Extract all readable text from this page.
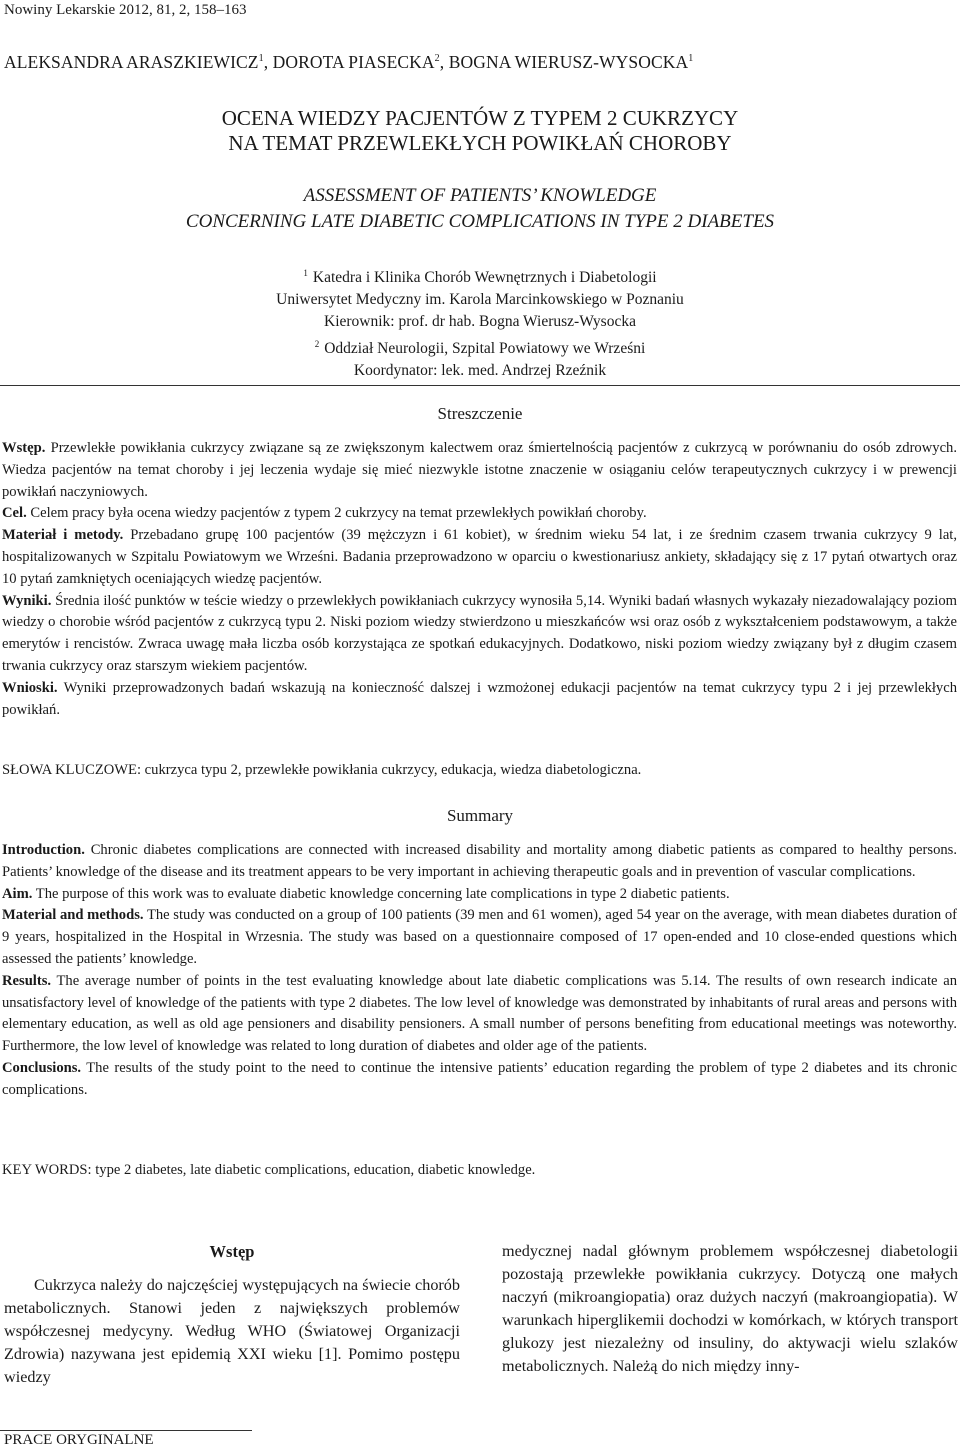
Nowiny Lekarskie 2012, 81, 2, 158–163
ALEKSANDRA ARASZKIEWICZ$^1$, DOROTA PIASECKA$^2$, BOGNA WIERUSZ-WYSOCKA$^1$
OCENA WIEDZY PACJENTÓW Z TYPEM 2 CUKRZYCY
NA TEMAT PRZEWLEKŁYCH POWIKŁAŃ CHOROBY
ASSESSMENT OF PATIENTS’ KNOWLEDGE
CONCERNING LATE DIABETIC COMPLICATIONS IN TYPE 2 DIABETES
$^1$ Katedra i Klinika Chorób Wewnętrznych i Diabetologii
Uniwersytet Medyczny im. Karola Marcinkowskiego w Poznaniu
Kierownik: prof. dr hab. Bogna Wierusz-Wysocka
$^2$ Oddział Neurologii, Szpital Powiatowy we Wrześni
Koordynator: lek. med. Andrzej Rzeźnik
Streszczenie

Wstęp. Przewlekłe powikłania cukrzycy związane są ze zwiększonym kalectwem oraz śmiertelnością pacjentów z cukrzycą w porównaniu do osób zdrowych. Wiedza pacjentów na temat choroby i jej leczenia wydaje się mieć niezwykle istotne znaczenie w osiąganiu celów terapeutycznych cukrzycy i w prewencji powikłań naczyniowych.

Cel. Celem pracy była ocena wiedzy pacjentów z typem 2 cukrzycy na temat przewlekłych powikłań choroby.

Materiał i metody. Przebadano grupę 100 pacjentów (39 mężczyzn i 61 kobiet), w średnim wieku 54 lat, i ze średnim czasem trwania cukrzycy 9 lat, hospitalizowanych w Szpitalu Powiatowym we Wrześni. Badania przeprowadzono w oparciu o kwestionariusz ankiety, składający się z 17 pytań otwartych oraz 10 pytań zamkniętych oceniających wiedzę pacjentów.

Wyniki. Średnia ilość punktów w teście wiedzy o przewlekłych powikłaniach cukrzycy wynosiła 5,14. Wyniki badań własnych wykazały niezadowalający poziom wiedzy o chorobie wśród pacjentów z cukrzycą typu 2. Niski poziom wiedzy stwierdzono u mieszkańców wsi oraz osób z wykształceniem podstawowym, a także emerytów i rencistów. Zwraca uwagę mała liczba osób korzystająca ze spotkań edukacyjnych. Dodatkowo, niski poziom wiedzy związany był z długim czasem trwania cukrzycy oraz starszym wiekiem pacjentów.

Wnioski. Wyniki przeprowadzonych badań wskazują na konieczność dalszej i wzmożonej edukacji pacjentów na temat cukrzycy typu 2 i jej przewlekłych powikłań.

SŁOWA KLUCZOWE: cukrzyca typu 2, przewlekłe powikłania cukrzycy, edukacja, wiedza diabetologiczna.
Summary

Introduction. Chronic diabetes complications are connected with increased disability and mortality among diabetic patients as compared to healthy persons. Patients’ knowledge of the disease and its treatment appears to be very important in achieving therapeutic goals and in prevention of vascular complications.

Aim. The purpose of this work was to evaluate diabetic knowledge concerning late complications in type 2 diabetic patients.

Material and methods. The study was conducted on a group of 100 patients (39 men and 61 women), aged 54 year on the average, with mean diabetes duration of 9 years, hospitalized in the Hospital in Wrzesnia. The study was based on a questionnaire composed of 17 open-ended and 10 close-ended questions which assessed the patients’ knowledge.

Results. The average number of points in the test evaluating knowledge about late diabetic complications was 5.14. The results of own research indicate an unsatisfactory level of knowledge of the patients with type 2 diabetes. The low level of knowledge was demonstrated by inhabitants of rural areas and persons with elementary education, as well as old age pensioners and disability pensioners. A small number of persons benefiting from educational meetings was noteworthy. Furthermore, the low level of knowledge was related to long duration of diabetes and older age of the patients.

Conclusions. The results of the study point to the need to continue the intensive patients’ education regarding the problem of type 2 diabetes and its chronic complications.

KEY WORDS: type 2 diabetes, late diabetic complications, education, diabetic knowledge.
Wstęp

Cukrzyca należy do najczęściej występujących na świecie chorób metabolicznych. Stanowi jeden z największych problemów współczesnej medycyny. Według WHO (Światowej Organizacji Zdrowia) nazywana jest epidemią XXI wieku [1]. Pomimo postępu wiedzy

medycznej nadal głównym problemem współczesnej diabetologii pozostają przewlekłe powikłania cukrzycy. Dotyczą one małych naczyń (mikroangiopatia) oraz dużych naczyń (makroangiopatia). W warunkach hiperglikemii dochodzi w komórkach, w których transport glukozy jest niezależny od insuliny, do aktywacji wielu szlaków metabolicznych. Należą do nich między inny-

PRACE ORYGINALNE
